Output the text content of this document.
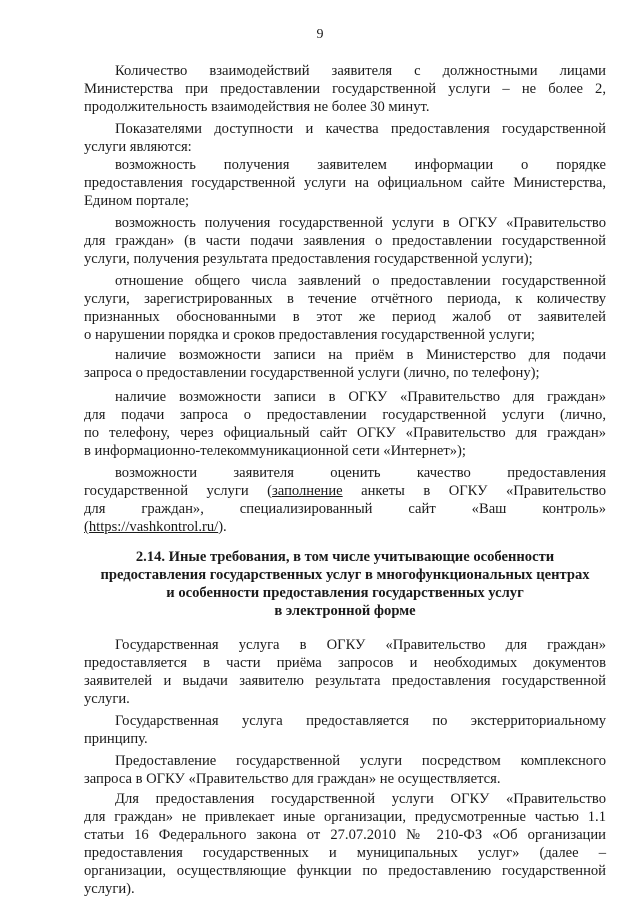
9
Количество взаимодействий заявителя с должностными лицами
Министерства при предоставлении государственной услуги – не более 2,
продолжительность взаимодействия не более 30 минут.
Показателями доступности и качества предоставления государственной
услуги являются:
возможность получения заявителем информации о порядке
предоставления государственной услуги на официальном сайте Министерства,
Едином портале;
возможность получения государственной услуги в ОГКУ «Правительство
для граждан» (в части подачи заявления о предоставлении государственной
услуги, получения результата предоставления государственной услуги);
отношение общего числа заявлений о предоставлении государственной
услуги, зарегистрированных в течение отчётного периода, к количеству
признанных обоснованными в этот же период жалоб от заявителей
о нарушении порядка и сроков предоставления государственной услуги;
наличие возможности записи на приём в Министерство для подачи
запроса о предоставлении государственной услуги (лично, по телефону);
наличие возможности записи в ОГКУ «Правительство для граждан»
для подачи запроса о предоставлении государственной услуги (лично,
по телефону, через официальный сайт ОГКУ «Правительство для граждан»
в информационно-телекоммуникационной сети «Интернет»);
возможности заявителя оценить качество предоставления
государственной услуги (заполнение анкеты в ОГКУ «Правительство
для граждан», специализированный сайт «Ваш контроль»
(https://vashkontrol.ru/).
2.14. Иные требования, в том числе учитывающие особенности
предоставления государственных услуг в многофункциональных центрах
и особенности предоставления государственных услуг
в электронной форме
Государственная услуга в ОГКУ «Правительство для граждан»
предоставляется в части приёма запросов и необходимых документов
заявителей и выдачи заявителю результата предоставления государственной
услуги.
Государственная услуга предоставляется по экстерриториальному
принципу.
Предоставление государственной услуги посредством комплексного
запроса в ОГКУ «Правительство для граждан» не осуществляется.
Для предоставления государственной услуги ОГКУ «Правительство
для граждан» не привлекает иные организации, предусмотренные частью 1.1
статьи 16 Федерального закона от 27.07.2010 № 210-ФЗ «Об организации
предоставления государственных и муниципальных услуг» (далее –
организации, осуществляющие функции по предоставлению государственной
услуги).
